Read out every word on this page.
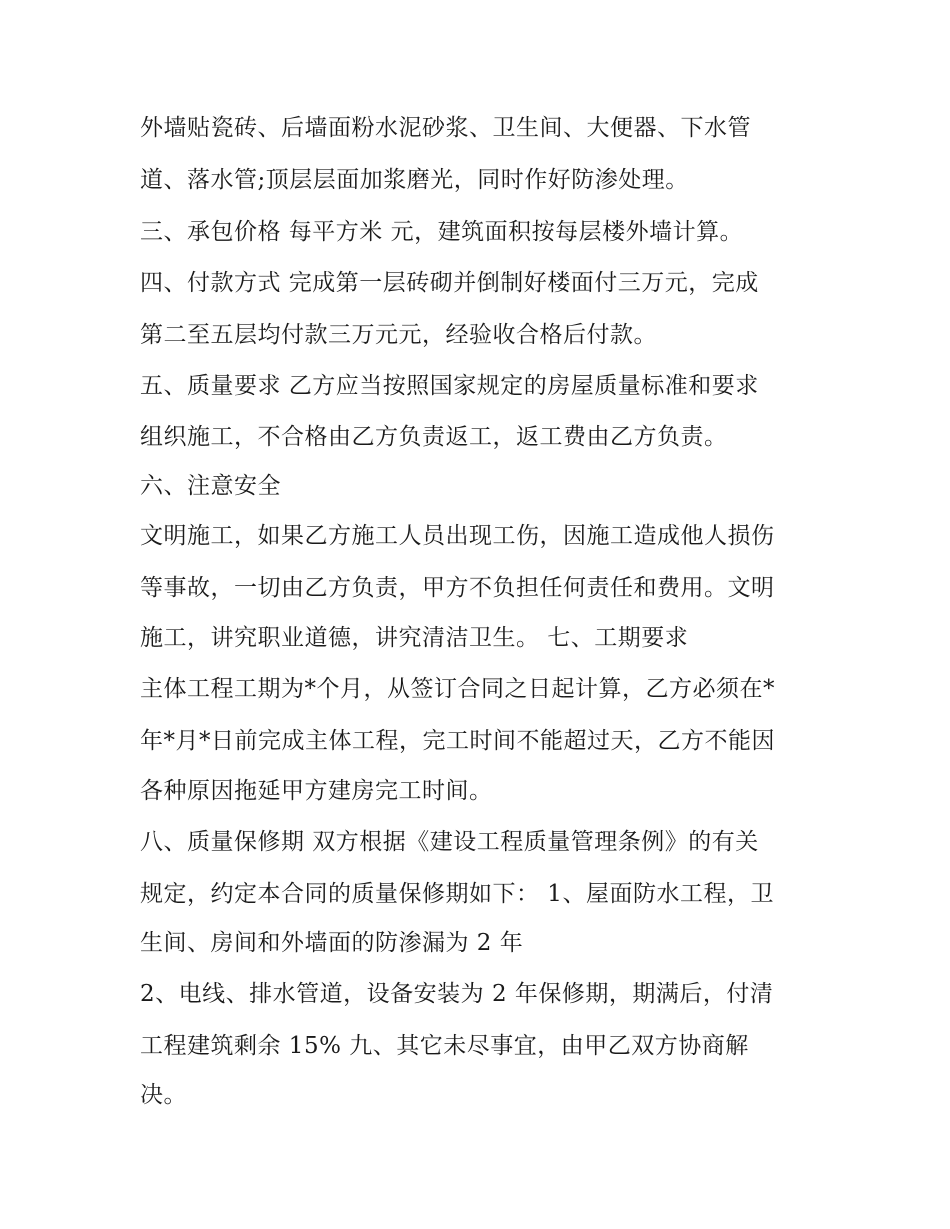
外墙贴瓷砖、后墙面粉水泥砂浆、卫生间、大便器、下水管
道、落水管;顶层层面加浆磨光，同时作好防渗处理。
三、承包价格 每平方米 元，建筑面积按每层楼外墙计算。
四、付款方式 完成第一层砖砌并倒制好楼面付三万元，完成
第二至五层均付款三万元元，经验收合格后付款。
五、质量要求 乙方应当按照国家规定的房屋质量标准和要求
组织施工，不合格由乙方负责返工，返工费由乙方负责。
六、注意安全
文明施工，如果乙方施工人员出现工伤，因施工造成他人损伤
等事故，一切由乙方负责，甲方不负担任何责任和费用。文明
施工，讲究职业道德，讲究清洁卫生。 七、工期要求
主体工程工期为*个月，从签订合同之日起计算，乙方必须在*
年*月*日前完成主体工程，完工时间不能超过天，乙方不能因
各种原因拖延甲方建房完工时间。
八、质量保修期 双方根据《建设工程质量管理条例》的有关
规定，约定本合同的质量保修期如下： 1、屋面防水工程，卫
生间、房间和外墙面的防渗漏为 2 年
2、电线、排水管道，设备安装为 2 年保修期，期满后，付清
工程建筑剩余 15% 九、其它未尽事宜，由甲乙双方协商解
决。
